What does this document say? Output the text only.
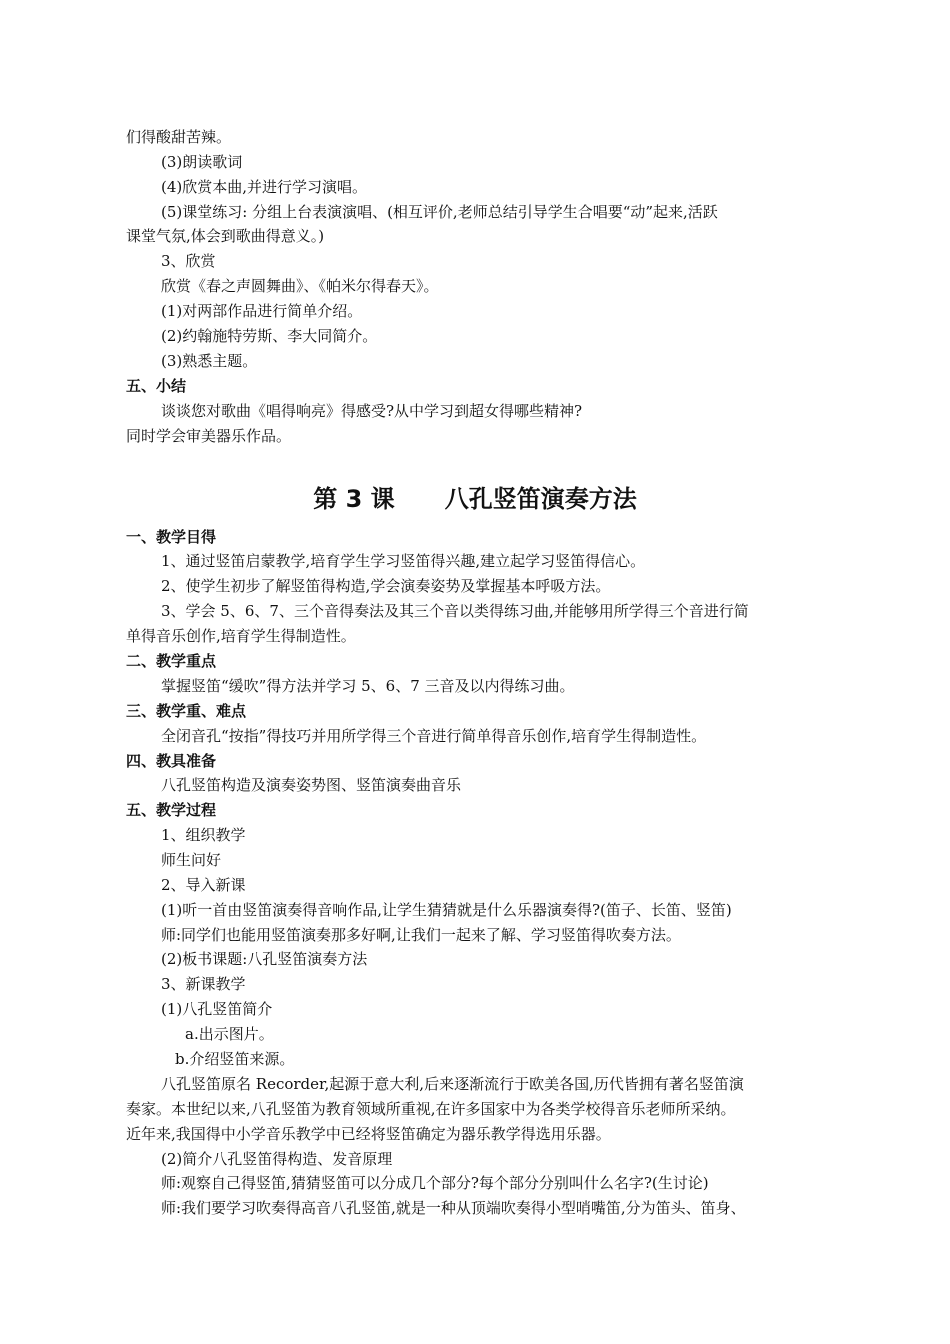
们得酸甜苦辣。
(3)朗读歌词
(4)欣赏本曲,并进行学习演唱。
(5)课堂练习: 分组上台表演演唱、(相互评价,老师总结引导学生合唱要“动”起来,活跃
课堂气氛,体会到歌曲得意义。)
3、欣赏
欣赏《春之声圆舞曲》、《帕米尔得春天》。
(1)对两部作品进行简单介绍。
(2)约翰施特劳斯、李大同简介。
(3)熟悉主题。
五、小结
谈谈您对歌曲《唱得响亮》得感受?从中学习到超女得哪些精神?
同时学会审美器乐作品。
第 3 课      八孔竖笛演奏方法
一、教学目得
1、通过竖笛启蒙教学,培育学生学习竖笛得兴趣,建立起学习竖笛得信心。
2、使学生初步了解竖笛得构造,学会演奏姿势及掌握基本呼吸方法。
3、学会 5、6、7、三个音得奏法及其三个音以类得练习曲,并能够用所学得三个音进行简
单得音乐创作,培育学生得制造性。
二、教学重点
掌握竖笛“缓吹”得方法并学习 5、6、7 三音及以内得练习曲。
三、教学重、难点
全闭音孔“按指”得技巧并用所学得三个音进行简单得音乐创作,培育学生得制造性。
四、教具准备
八孔竖笛构造及演奏姿势图、竖笛演奏曲音乐
五、教学过程
1、组织教学
师生问好
2、导入新课
(1)听一首由竖笛演奏得音响作品,让学生猜猜就是什么乐器演奏得?(笛子、长笛、竖笛)
师:同学们也能用竖笛演奏那多好啊,让我们一起来了解、学习竖笛得吹奏方法。
(2)板书课题:八孔竖笛演奏方法
3、新课教学
(1)八孔竖笛简介
a.出示图片。
b.介绍竖笛来源。
八孔竖笛原名 Recorder,起源于意大利,后来逐渐流行于欧美各国,历代皆拥有著名竖笛演
奏家。本世纪以来,八孔竖笛为教育领域所重视,在许多国家中为各类学校得音乐老师所采纳。
近年来,我国得中小学音乐教学中已经将竖笛确定为器乐教学得选用乐器。
(2)简介八孔竖笛得构造、发音原理
师:观察自己得竖笛,猜猜竖笛可以分成几个部分?每个部分分别叫什么名字?(生讨论)
师:我们要学习吹奏得高音八孔竖笛,就是一种从顶端吹奏得小型哨嘴笛,分为笛头、笛身、
